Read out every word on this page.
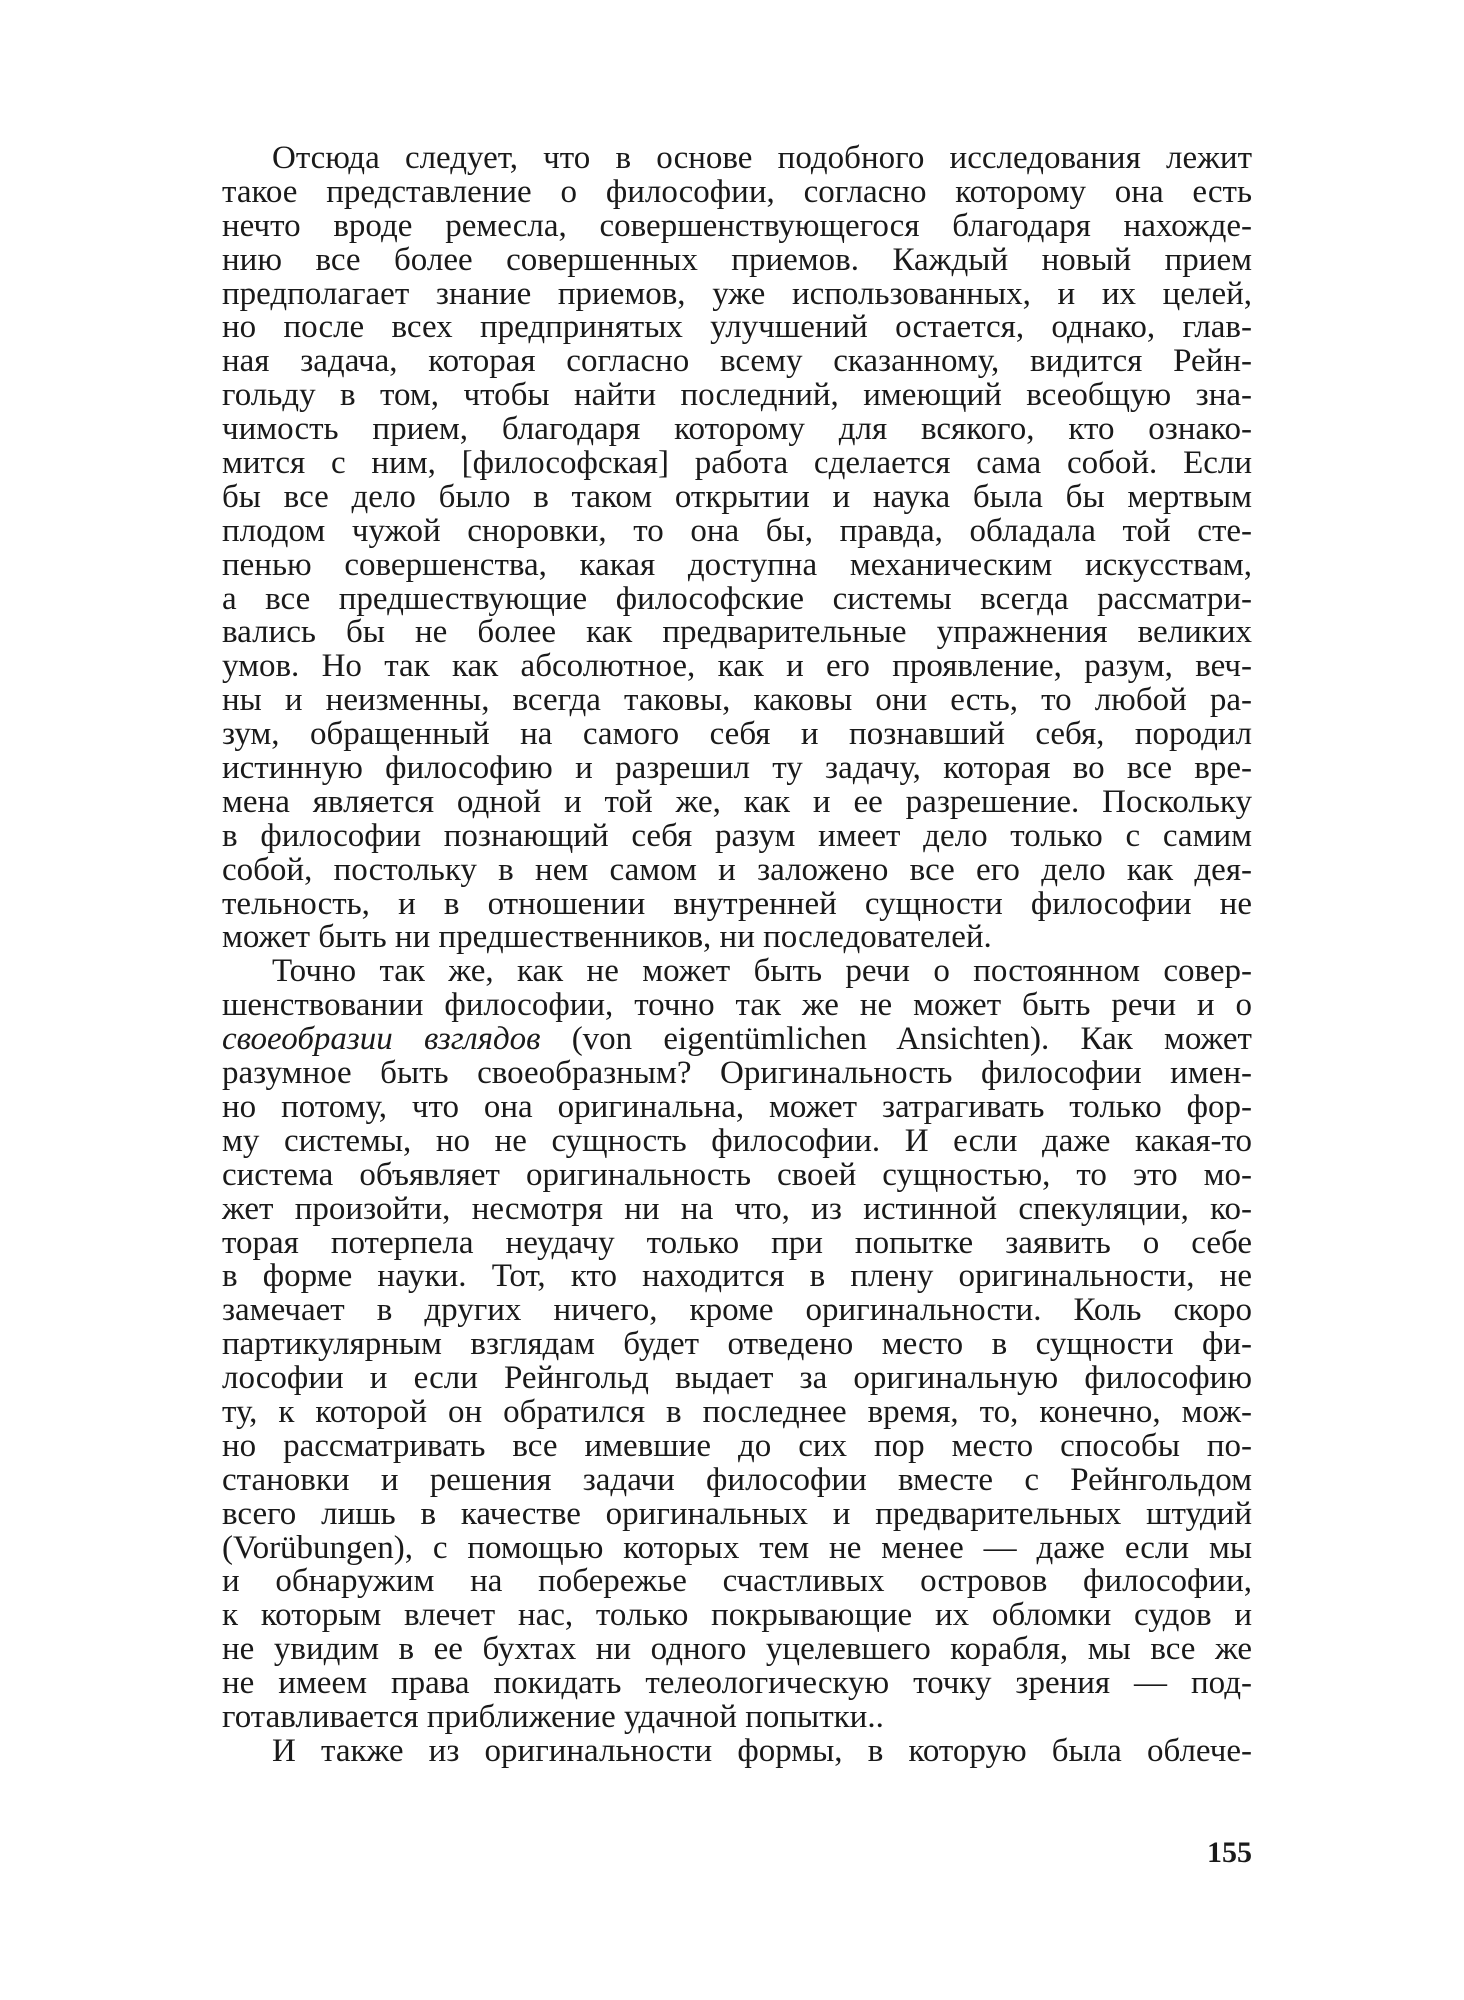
Отсюда следует, что в основе подобного исследования лежит
такое представление о философии, согласно которому она есть
нечто вроде ремесла, совершенствующегося благодаря нахожде-
нию все более совершенных приемов. Каждый новый прием
предполагает знание приемов, уже использованных, и их целей,
но после всех предпринятых улучшений остается, однако, глав-
ная задача, которая согласно всему сказанному, видится Рейн-
гольду в том, чтобы найти последний, имеющий всеобщую зна-
чимость прием, благодаря которому для всякого, кто ознако-
мится с ним, [философская] работа сделается сама собой. Если
бы все дело было в таком открытии и наука была бы мертвым
плодом чужой сноровки, то она бы, правда, обладала той сте-
пенью совершенства, какая доступна механическим искусствам,
а все предшествующие философские системы всегда рассматри-
вались бы не более как предварительные упражнения великих
умов. Но так как абсолютное, как и его проявление, разум, веч-
ны и неизменны, всегда таковы, каковы они есть, то любой ра-
зум, обращенный на самого себя и познавший себя, породил
истинную философию и разрешил ту задачу, которая во все вре-
мена является одной и той же, как и ее разрешение. Поскольку
в философии познающий себя разум имеет дело только с самим
собой, постольку в нем самом и заложено все его дело как дея-
тельность, и в отношении внутренней сущности философии не
может быть ни предшественников, ни последователей.
Точно так же, как не может быть речи о постоянном совер-
шенствовании философии, точно так же не может быть речи и о
своеобразии взглядов (von eigentümlichen Ansichten). Как может
разумное быть своеобразным? Оригинальность философии имен-
но потому, что она оригинальна, может затрагивать только фор-
му системы, но не сущность философии. И если даже какая-то
система объявляет оригинальность своей сущностью, то это мо-
жет произойти, несмотря ни на что, из истинной спекуляции, ко-
торая потерпела неудачу только при попытке заявить о себе
в форме науки. Тот, кто находится в плену оригинальности, не
замечает в других ничего, кроме оригинальности. Коль скоро
партикулярным взглядам будет отведено место в сущности фи-
лософии и если Рейнгольд выдает за оригинальную философию
ту, к которой он обратился в последнее время, то, конечно, мож-
но рассматривать все имевшие до сих пор место способы по-
становки и решения задачи философии вместе с Рейнгольдом
всего лишь в качестве оригинальных и предварительных штудий
(Vorübungen), с помощью которых тем не менее — даже если мы
и обнаружим на побережье счастливых островов философии,
к которым влечет нас, только покрывающие их обломки судов и
не увидим в ее бухтах ни одного уцелевшего корабля, мы все же
не имеем права покидать телеологическую точку зрения — под-
готавливается приближение удачной попытки..
И также из оригинальности формы, в которую была облече-
155
